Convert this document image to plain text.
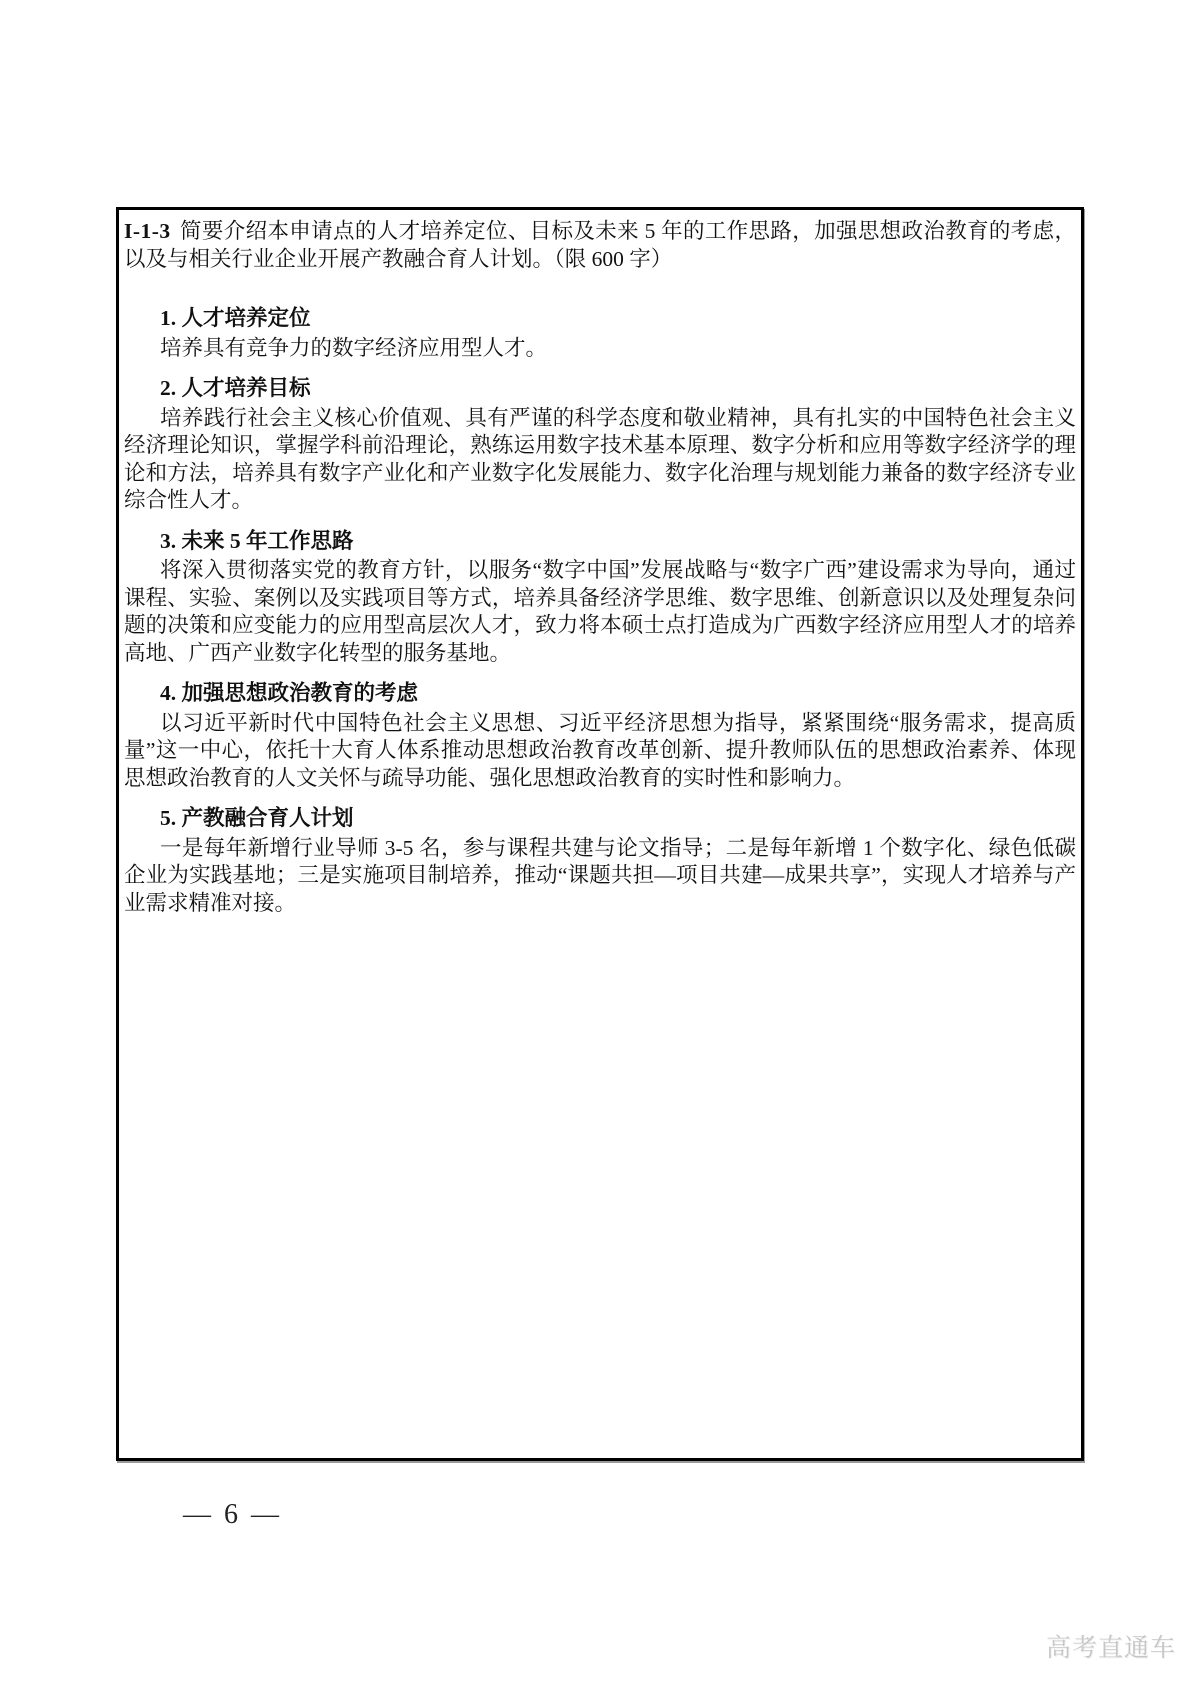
I-1-3 简要介绍本申请点的人才培养定位、目标及未来 5 年的工作思路，加强思想政治教育的考虑，以及与相关行业企业开展产教融合育人计划。（限 600 字）

1. 人才培养定位

培养具有竞争力的数字经济应用型人才。

2. 人才培养目标

培养践行社会主义核心价值观、具有严谨的科学态度和敬业精神，具有扎实的中国特色社会主义经济理论知识，掌握学科前沿理论，熟练运用数字技术基本原理、数字分析和应用等数字经济学的理论和方法，培养具有数字产业化和产业数字化发展能力、数字化治理与规划能力兼备的数字经济专业综合性人才。

3. 未来 5 年工作思路

将深入贯彻落实党的教育方针，以服务“数字中国”发展战略与“数字广西”建设需求为导向，通过课程、实验、案例以及实践项目等方式，培养具备经济学思维、数字思维、创新意识以及处理复杂问题的决策和应变能力的应用型高层次人才，致力将本硕士点打造成为广西数字经济应用型人才的培养高地、广西产业数字化转型的服务基地。

4. 加强思想政治教育的考虑

以习近平新时代中国特色社会主义思想、习近平经济思想为指导，紧紧围绕“服务需求，提高质量”这一中心，依托十大育人体系推动思想政治教育改革创新、提升教师队伍的思想政治素养、体现思想政治教育的人文关怀与疏导功能、强化思想政治教育的实时性和影响力。

5. 产教融合育人计划

一是每年新增行业导师 3-5 名，参与课程共建与论文指导；二是每年新增 1 个数字化、绿色低碳企业为实践基地；三是实施项目制培养，推动“课题共担—项目共建—成果共享”，实现人才培养与产业需求精准对接。

— 6 —
高考直通车
